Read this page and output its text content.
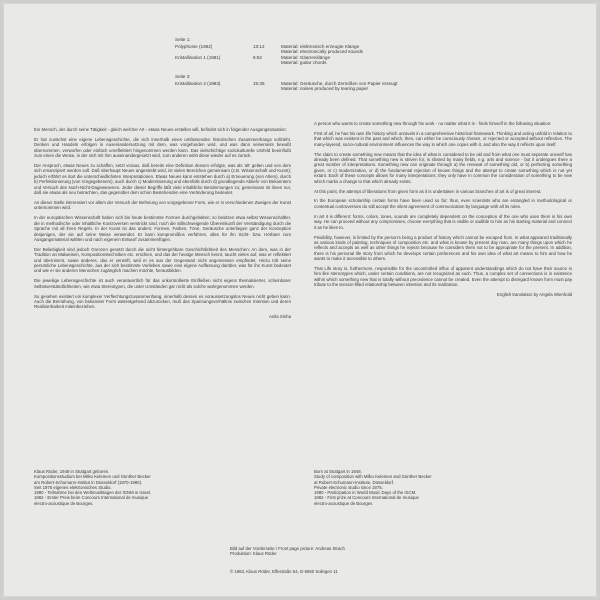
Seite 1:
Polyphonie (1982)	13:12	Material: elektronisch erzeugte Klänge
Material: electronically produced sounds
Kristallisation 1 (1981)	6:52	Material: Gitarrenklänge
Material: guitar chords
Seite 2:
Kristallisation 2 (1983)	15:35	Material: Geräusche, durch Zerreißen von Papier erzeugt
Material: noises produced by tearing paper

Ein Mensch, der durch seine Tätigkeit - gleich welcher Art - etwas Neues erstellen will, befindet sich in folgender Ausgangssituation:

Er hat zunächst eine eigene Lebensgeschichte, die sich innerhalb eines umfassenden historischen Zusammenhangs vollzieht. Denken und Handeln erfolgen in Auseinandersetzung mit dem, was vorgefunden wird, und was dann seinerseits bewußt übernommen, verworfen oder einfach unreflektiert hingenommen werden kann. Das vielschichtige soziokulturelle Umfeld beeinflußt zum einen die Weise, in der sich mit ihm auseinandergesetzt wird, zum anderen wirkt diese wieder auf es zurück.

Der Anspruch, etwas Neues zu schaffen, setzt voraus, daß bereits eine Definition dessen erfolgte, was als 'alt' gelten und von dem sich emanzipiert werden soll. Daß überhaupt Neues angestrebt wird, ist vielen Bereichen gemeinsam (z.B. Wissenschaft und Kunst); jedoch erfährt es dort die unterschiedlichsten Interpretationen. Etwas Neues kann entstehen durch a) Erneuerung (von Altem), durch b) Perfektionierung (von Vorgegebenem), auch durch c) Modernisierung und ebenfalls durch d) grundlegende Abkehr von Bekanntem und Versuch des Noch-Nicht-Dagewesenen. Jeder dieser Begriffe läßt viele inhaltliche Bestimmungen zu; gemeinsam ist ihnen nur, daß sie etwas als neu betrachten, das gegenüber dem schon Bestehenden eine Veränderung bedeutet.

An dieser Stelle interessiert vor allem der Versuch der Befreiung von vorgegebener Form, wie er in verschiedenen Zweigen der Kunst unternommen wird.

In der europäischen Wissenschaft haben sich bis heute bestimmte Formen durchgehalten; so besitzen etwa selbst Wissenschaftler, die in methodische oder inhaltliche Kontroversen verstrickt sind, noch die stillschweigende Übereinkunft der Verständigung durch die Sprache mit all ihren Regeln. In der Kunst ist das anders: Formen, Farben, Töne, Geräusche unterliegen ganz der Konzeption desjenigen, der sie auf seine Weise verwendet. Er kann kompromißlos verfahren, alles für ihn Sicht- bzw. Hörbare zum Ausgangsmaterial wählen und nach eigenem Entwurf zusammenfügen.

Der Beliebigkeit sind jedoch Grenzen gesetzt durch die nicht hintergehbare Geschichtlichkeit des Menschen: An dem, was in der Tradition an Malweisen, Kompositionstechniken etc. erschien, und das der heutige Mensch kennt, taucht vieles auf, was er reflektiert und übernimmt, sowie anderes, das er verwirft, weil er es aus der Gegenwart nicht angemessen empfindet. Hinzu tritt seine persönliche Lebensgeschichte, aus der sich bestimmte Vorlieben sowie eine eigene Auffassung darüber, was für ihn Kunst bedeutet und wie er sie anderen Menschen zugänglich machen möchte, herausbilden.

Die jeweilige Lebensgeschichte ist auch verantwortlich für das unkontrollierte Einfließen nicht eigens thematisierter, scheinbarer Selbstverständlichkeiten, wie etwa Stereotypen, die unter Umständen gar nicht als solche wahrgenommen werden.

So gesehen existiert ein komplexer Verflechtungszusammenhang, innerhalb dessen es voraussetzungslos Neues nicht geben kann. Auch die Bemühung, von bekannter Form weitestgehend abzurücken, muß das Spannungsverhältnis zwischen Intention und deren Realisierbarkeit miteinbeziehen.

Anila Sinha

A person who wants to create something new through his work - no matter what it is - finds himself in the following situation:

First of all, he has his own life history which unravels in a comprehensive historical framework. Thinking and acting unfold in relation to that which was existent in the past and which, then, can either be consciously chosen, or rejected or accepted without reflection. The many-layered, socio-cultural environment influences the way in which one copes with it, and also the way it reflects upon itself.

The claim to create something new means that the idea of what is considered to be old and from what one must seperate oneself has already been defined. That something new is striven for, is shared by many fields, e.g. arts and science - but it undergoes there a great number of interpretations. Something new can originate through a) the renewal of something old, or b) perfecting something given, or c) modernization, or d) the fundamental rejection of known things and the attempt to create something which is not yet extant. Each of these concepts allows for many interpretations; they only have in common the consideration of something to be new which marks a change to that which already exists.

At this point, the attempt of liberations from given form as it is undertaken in various branches of art is of great interest.

In the European scholarship certain forms have been used so far; thus, even scientists who are entangled in methodological or contentual controversies do still accept the silent agreement of communication by language with all its rules.

In art it is different: forms, colors, tones, sounds are completely dependent on the conception of the one who uses them in his own way. He can proceed without any compromises, choose everything that is visible or audible to him as his starting material and connect it as he likes to.

Flexibility, however, is limited by the person's being a product of history which cannot be escaped from. In what appeared traditionally as various kinds of painting, techniques of composition etc. and what is known by present day man, are many things upon which he reflects and accepts as well as other things he rejects because he considers them not to be appropriate for the present. In addition, there is his personal life story from which he develops certain preferences and his own idea of what art means to him and how he wants to make it accessible to others.

That Life story is, furthermore, responsible for the uncontrolled influx of apparent understandings which do not have their source in him like stereotypes which, under certain conditions, are not recognized as such. Thus, a complex set of connections is in existence within which something new that is totally without precedence cannot be created. Even the attempt to disregard known form must pay tribute to the tension-filled relationship between intention and its realization.

English translation by Angela Wienhold
Klaus Röder, 1948 in Stuttgart geboren.
Kompositionsstudium bei Milko Kelemen und Günther Becker
am Robert-Schumann-Institut in Düsseldorf (1970-1980).
Seit 1975 eigenes elektronisches Studio.
1980 - Teilnahme bei den Weltmusiktagen der IGNM in Israel.
1982 - Erster Preis beim Concours International de musique
electro-acoustique de Bourges.
Born at Stuttgart in 1948.
Study of composition with Milko Kelemen and Günther Becker
at Robert-Schumann-Institute, Düsseldorf.
Private electronic studio since 1975.
1980 - Participation in World Music Days of the ISCM.
1982 - First prize at Concours International de musique
electro-acoustique de Bourges
Bild auf der Vorderseite / Front page picture: Andreas Strach
Produktion: Klaus Röder
© 1983, Klaus Röder, Elfestraße 54, D-5650 Solingen 11
